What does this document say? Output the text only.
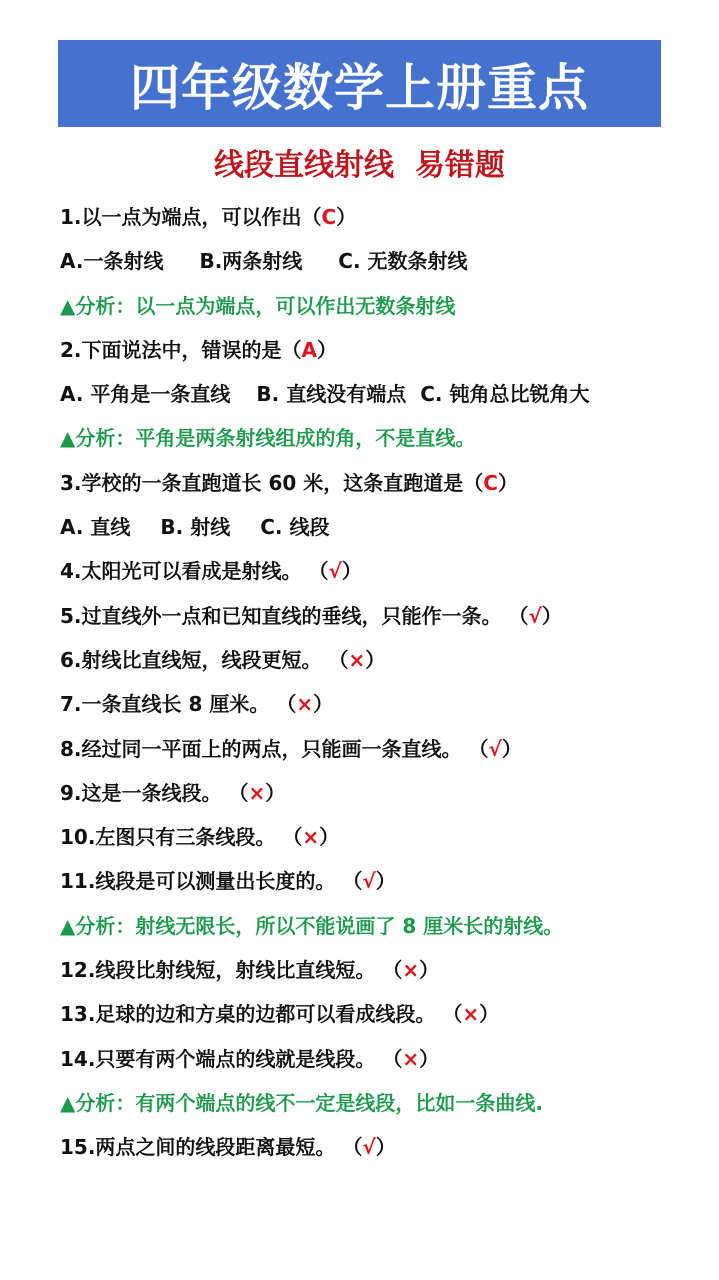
四年级数学上册重点
线段直线射线  易错题
1.以一点为端点，可以作出（C）
A.一条射线 B.两条射线 C. 无数条射线
▲分析：以一点为端点，可以作出无数条射线
2.下面说法中，错误的是（A）
A. 平角是一条直线 B. 直线没有端点 C. 钝角总比锐角大
▲分析：平角是两条射线组成的角，不是直线。
3.学校的一条直跑道长 60 米，这条直跑道是（C）
A. 直线 B. 射线 C. 线段
4.太阳光可以看成是射线。 （√）
5.过直线外一点和已知直线的垂线，只能作一条。 （√）
6.射线比直线短，线段更短。 （×）
7.一条直线长 8 厘米。 （×）
8.经过同一平面上的两点，只能画一条直线。 （√）
9.这是一条线段。 （×）
10.左图只有三条线段。 （×）
11.线段是可以测量出长度的。 （√）
▲分析：射线无限长，所以不能说画了 8 厘米长的射线。
12.线段比射线短，射线比直线短。 （×）
13.足球的边和方桌的边都可以看成线段。 （×）
14.只要有两个端点的线就是线段。 （×）
▲分析：有两个端点的线不一定是线段，比如一条曲线.
15.两点之间的线段距离最短。 （√）
